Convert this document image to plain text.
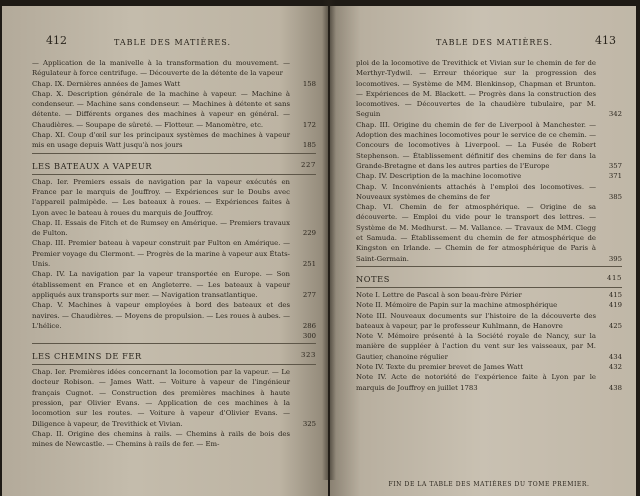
412	TABLE DES MATIÈRES.
— Application de la manivelle à la transformation du mouvement. — Régulateur à force centrifuge. — Découverte de la détente de la vapeur
Chap. IX. Dernières années de James Watt	158
Chap. X. Description générale de la machine à vapeur. — Machine à condenseur. — Machine sans condenseur. — Machines à détente et sans détente. — Différents organes des machines à vapeur en général. — Chaudières. — Soupape de sûreté. — Flotteur. — Manomètre, etc.	172
Chap. XI. Coup d'œil sur les principaux systèmes de machines à vapeur mis en usage depuis Watt jusqu'à nos jours	185
LES BATEAUX A VAPEUR	227
Chap. Ier. Premiers essais de navigation par la vapeur exécutés en France par le marquis de Jouffroy. — Expériences sur le Doubs avec l'appareil palmipède. — Les bateaux à roues. — Expériences faites à Lyon avec le bateau à roues du marquis de Jouffroy.
Chap. II. Essais de Fitch et de Rumsey en Amérique. — Premiers travaux de Fulton.	229
Chap. III. Premier bateau à vapeur construit par Fulton en Amérique. — Premier voyage du Clermont. — Progrès de la marine à vapeur aux États-Unis.	251
Chap. IV. La navigation par la vapeur transportée en Europe. — Son établissement en France et en Angleterre. — Les bateaux à vapeur appliqués aux transports sur mer. — Navigation transatlantique.	277
Chap. V. Machines à vapeur employées à bord des bateaux et des navires. — Chaudières. — Moyens de propulsion. — Les roues à aubes. — L'hélice.	286
300
LES CHEMINS DE FER	323
Chap. Ier. Premières idées concernant la locomotion par la vapeur. — Le docteur Robison. — James Watt. — Voiture à vapeur de l'ingénieur français Cugnot. — Construction des premières machines à haute pression, par Olivier Evans. — Application de ces machines à la locomotion sur les routes. — Voiture à vapeur d'Olivier Evans. — Diligence à vapeur, de Trevithick et Vivian.	325
Chap. II. Origine des chemins à rails. — Chemins à rails de bois des mines de Newcastle. — Chemins à rails de fer. — Em-
TABLE DES MATIÈRES.	413
ploi de la locomotive de Trevithick et Vivian sur le chemin de fer de Merthyr-Tydwil. — Erreur théorique sur la progression des locomotives. — Système de MM. Blenkinsop, Chapman et Brunton. — Expériences de M. Blackett. — Progrès dans la construction des locomotives. — Découvertes de la chaudière tubulaire, par M. Seguin	342
Chap. III. Origine du chemin de fer de Liverpool à Manchester. — Adoption des machines locomotives pour le service de ce chemin. — Concours de locomotives à Liverpool. — La Fusée de Robert Stephenson. — Établissement définitif des chemins de fer dans la Grande-Bretagne et dans les autres parties de l'Europe	357
Chap. IV. Description de la machine locomotive	371
Chap. V. Inconvénients attachés à l'emploi des locomotives. — Nouveaux systèmes de chemins de fer	385
Chap. VI. Chemin de fer atmosphérique. — Origine de sa découverte. — Emploi du vide pour le transport des lettres. — Système de M. Medhurst. — M. Vallance. — Travaux de MM. Clegg et Samuda. — Établissement du chemin de fer atmosphérique de Kingston en Irlande. — Chemin de fer atmosphérique de Paris à Saint-Germain.	395
NOTES	415
Note I. Lettre de Pascal à son beau-frère Périer	415
Note II. Mémoire de Papin sur la machine atmosphérique	419
Note III. Nouveaux documents sur l'histoire de la découverte des bateaux à vapeur, par le professeur Kuhlmann, de Hanovre	425
Note V. Mémoire présenté à la Société royale de Nancy, sur la manière de suppléer à l'action du vent sur les vaisseaux, par M. Gautier, chanoine régulier	434
Note IV. Texte du premier brevet de James Watt	432
Note IV. Acte de notoriété de l'expérience faite à Lyon par le marquis de Jouffroy en juillet 1783	438
FIN DE LA TABLE DES MATIÈRES DU TOME PREMIER.
